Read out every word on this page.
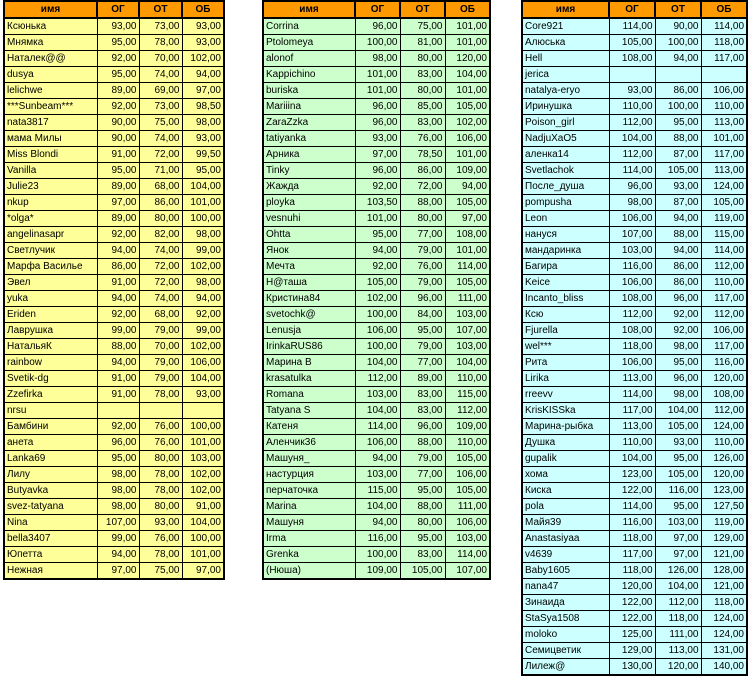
имя	ОГ	ОТ	ОБ
Ксюнька	93,00	73,00	93,00
Мнямка	95,00	78,00	93,00
Наталек@@	92,00	70,00	102,00
dusya	95,00	74,00	94,00
lelichwe	89,00	69,00	97,00
***Sunbeam***	92,00	73,00	98,50
nata3817	90,00	75,00	98,00
мама Милы	90,00	74,00	93,00
Miss Blondi	91,00	72,00	99,50
Vanilla	95,00	71,00	95,00
Julie23	89,00	68,00	104,00
nkup	97,00	86,00	101,00
*olga*	89,00	80,00	100,00
angelinasapr	92,00	82,00	98,00
Светлучик	94,00	74,00	99,00
Марфа Василье	86,00	72,00	102,00
Эвел	91,00	72,00	98,00
yuka	94,00	74,00	94,00
Eriden	92,00	68,00	92,00
Лаврушка	99,00	79,00	99,00
НатальяК	88,00	70,00	102,00
rainbow	94,00	79,00	106,00
Svetik-dg	91,00	79,00	104,00
Zzefirka	91,00	78,00	93,00
nrsu			
Бамбини	92,00	76,00	100,00
анета	96,00	76,00	101,00
Lanka69	95,00	80,00	103,00
Лилу	98,00	78,00	102,00
Butyavka	98,00	78,00	102,00
svez-tatyana	98,00	80,00	91,00
Nina	107,00	93,00	104,00
bella3407	99,00	76,00	100,00
Юпетта	94,00	78,00	101,00
Нежная	97,00	75,00	97,00
имя	ОГ	ОТ	ОБ
Corrina	96,00	75,00	101,00
Ptolomeya	100,00	81,00	101,00
alonof	98,00	80,00	120,00
Kappichino	101,00	83,00	104,00
buriska	101,00	80,00	101,00
Mariiina	96,00	85,00	105,00
ZaraZzka	96,00	83,00	102,00
tatiyanka	93,00	76,00	106,00
Арника	97,00	78,50	101,00
Tinky	96,00	86,00	109,00
Жажда	92,00	72,00	94,00
ployka	103,50	88,00	105,00
vesnuhi	101,00	80,00	97,00
Ohtta	95,00	77,00	108,00
Янок	94,00	79,00	101,00
Мечта	92,00	76,00	114,00
Н@таша	105,00	79,00	105,00
Кристина84	102,00	96,00	111,00
svetochk@	100,00	84,00	103,00
Lenusja	106,00	95,00	107,00
IrinkaRUS86	100,00	79,00	103,00
Марина В	104,00	77,00	104,00
krasatulka	112,00	89,00	110,00
Romana	103,00	83,00	115,00
Tatyana S	104,00	83,00	112,00
Катеня	114,00	96,00	109,00
Аленчик36	106,00	88,00	110,00
Машуня_	94,00	79,00	105,00
настурция	103,00	77,00	106,00
перчаточка	115,00	95,00	105,00
Marina	104,00	88,00	111,00
Машуня	94,00	80,00	106,00
Irma	116,00	95,00	103,00
Grenka	100,00	83,00	114,00
(Нюша)	109,00	105,00	107,00
имя	ОГ	ОТ	ОБ
Core921	114,00	90,00	114,00
Алюська	105,00	100,00	118,00
Hell	108,00	94,00	117,00
jerica			
natalya-eryo	93,00	86,00	106,00
Иринушка	110,00	100,00	110,00
Poison_girl	112,00	95,00	113,00
NadjuXaO5	104,00	88,00	101,00
аленка14	112,00	87,00	117,00
Svetlachok	114,00	105,00	113,00
После_душа	96,00	93,00	124,00
pompusha	98,00	87,00	105,00
Leon	106,00	94,00	119,00
нануся	107,00	88,00	115,00
мандаринка	103,00	94,00	114,00
Багира	116,00	86,00	112,00
Keice	106,00	86,00	110,00
Incanto_bliss	108,00	96,00	117,00
Ксю	112,00	92,00	112,00
Fjurella	108,00	92,00	106,00
wel***	118,00	98,00	117,00
Рита	106,00	95,00	116,00
Lirika	113,00	96,00	120,00
rreevv	114,00	98,00	108,00
KrisKISSka	117,00	104,00	112,00
Марина-рыбка	113,00	105,00	124,00
Душка	110,00	93,00	110,00
gupalik	104,00	95,00	126,00
хома	123,00	105,00	120,00
Киска	122,00	116,00	123,00
pola	114,00	95,00	127,50
Майя39	116,00	103,00	119,00
Anastasiyaa	118,00	97,00	129,00
v4639	117,00	97,00	121,00
Baby1605	118,00	126,00	128,00
nana47	120,00	104,00	121,00
Зинаида	122,00	112,00	118,00
StaSya1508	122,00	118,00	124,00
moloko	125,00	111,00	124,00
Семицветик	129,00	113,00	131,00
Лилеж@	130,00	120,00	140,00
